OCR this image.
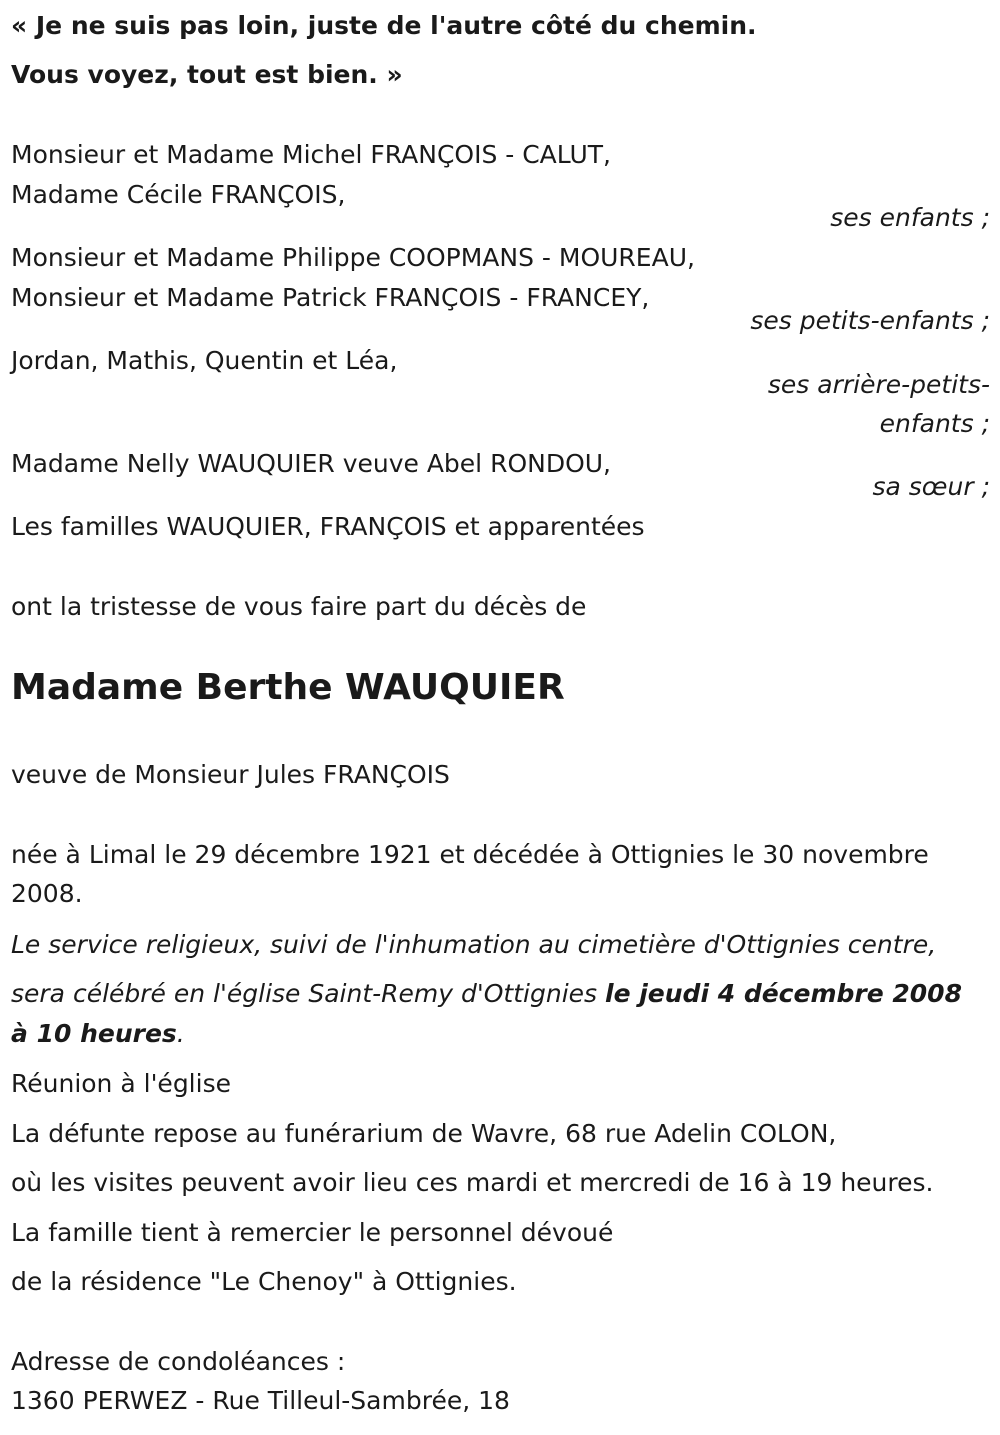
« Je ne suis pas loin, juste de l'autre côté du chemin.
Vous voyez, tout est bien. »
Monsieur et Madame Michel FRANÇOIS - CALUT,
Madame Cécile FRANÇOIS,
ses enfants ;
Monsieur et Madame Philippe COOPMANS - MOUREAU,
Monsieur et Madame Patrick FRANÇOIS - FRANCEY,
ses petits-enfants ;
Jordan, Mathis, Quentin et Léa,
ses arrière-petits-
enfants ;
Madame Nelly WAUQUIER veuve Abel RONDOU,
sa sœur ;
Les familles WAUQUIER, FRANÇOIS et apparentées
ont la tristesse de vous faire part du décès de
Madame Berthe WAUQUIER
veuve de Monsieur Jules FRANÇOIS
née à Limal le 29 décembre 1921 et décédée à Ottignies le 30 novembre
2008.
Le service religieux, suivi de l'inhumation au cimetière d'Ottignies centre,
sera célébré en l'église Saint-Remy d'Ottignies le jeudi 4 décembre 2008
à 10 heures.
Réunion à l'église
La défunte repose au funérarium de Wavre, 68 rue Adelin COLON,
où les visites peuvent avoir lieu ces mardi et mercredi de 16 à 19 heures.
La famille tient à remercier le personnel dévoué
de la résidence "Le Chenoy" à Ottignies.
Adresse de condoléances :
1360 PERWEZ - Rue Tilleul-Sambrée, 18
